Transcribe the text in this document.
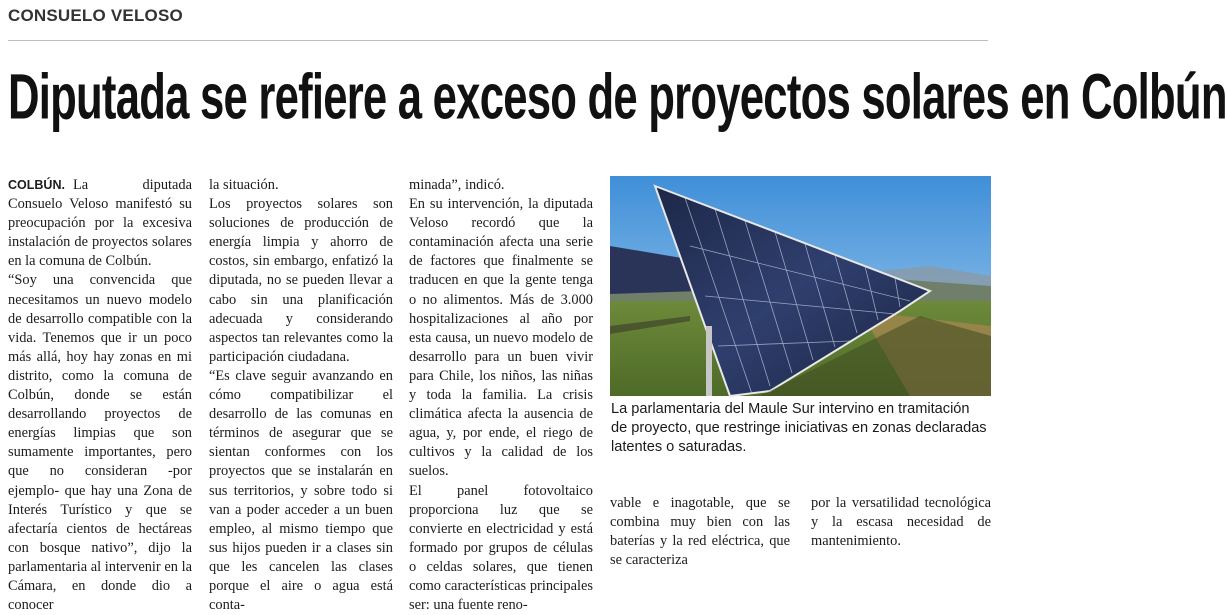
CONSUELO VELOSO
Diputada se refiere a exceso de proyectos solares en Colbún

COLBÚN. La diputada Consuelo Veloso manifestó su preocupación por la excesiva instalación de proyectos solares en la comuna de Colbún.

“Soy una convencida que necesitamos un nuevo modelo de desarrollo compatible con la vida. Tenemos que ir un poco más allá, hoy hay zonas en mi distrito, como la comuna de Colbún, donde se están desarrollando proyectos de energías limpias que son sumamente importantes, pero que no consideran -por ejemplo- que hay una Zona de Interés Turístico y que se afectaría cientos de hectáreas con bosque nativo”, dijo la parlamentaria al intervenir en la Cámara, en donde dio a conocer

la situación.

Los proyectos solares son soluciones de producción de energía limpia y ahorro de costos, sin embargo, enfatizó la diputada, no se pueden llevar a cabo sin una planificación adecuada y considerando aspectos tan relevantes como la participación ciudadana.

“Es clave seguir avanzando en cómo compatibilizar el desarrollo de las comunas en términos de asegurar que se sientan conformes con los proyectos que se instalarán en sus territorios, y sobre todo si van a poder acceder a un buen empleo, al mismo tiempo que sus hijos pueden ir a clases sin que les cancelen las clases porque el aire o agua está conta-

minada”, indicó.

En su intervención, la diputada Veloso recordó que la contaminación afecta una serie de factores que finalmente se traducen en que la gente tenga o no alimentos. Más de 3.000 hospitalizaciones al año por esta causa, un nuevo modelo de desarrollo para un buen vivir para Chile, los niños, las niñas y toda la familia. La crisis climática afecta la ausencia de agua, y, por ende, el riego de cultivos y la calidad de los suelos.

El panel fotovoltaico proporciona luz que se convierte en electricidad y está formado por grupos de células o celdas solares, que tienen como características principales ser: una fuente reno-

La parlamentaria del Maule Sur intervino en tramitación de proyecto, que restringe iniciativas en zonas declaradas latentes o saturadas.

vable e inagotable, que se combina muy bien con las baterías y la red eléctrica, que se caracteriza

por la versatilidad tecnológica y la escasa necesidad de mantenimiento.
